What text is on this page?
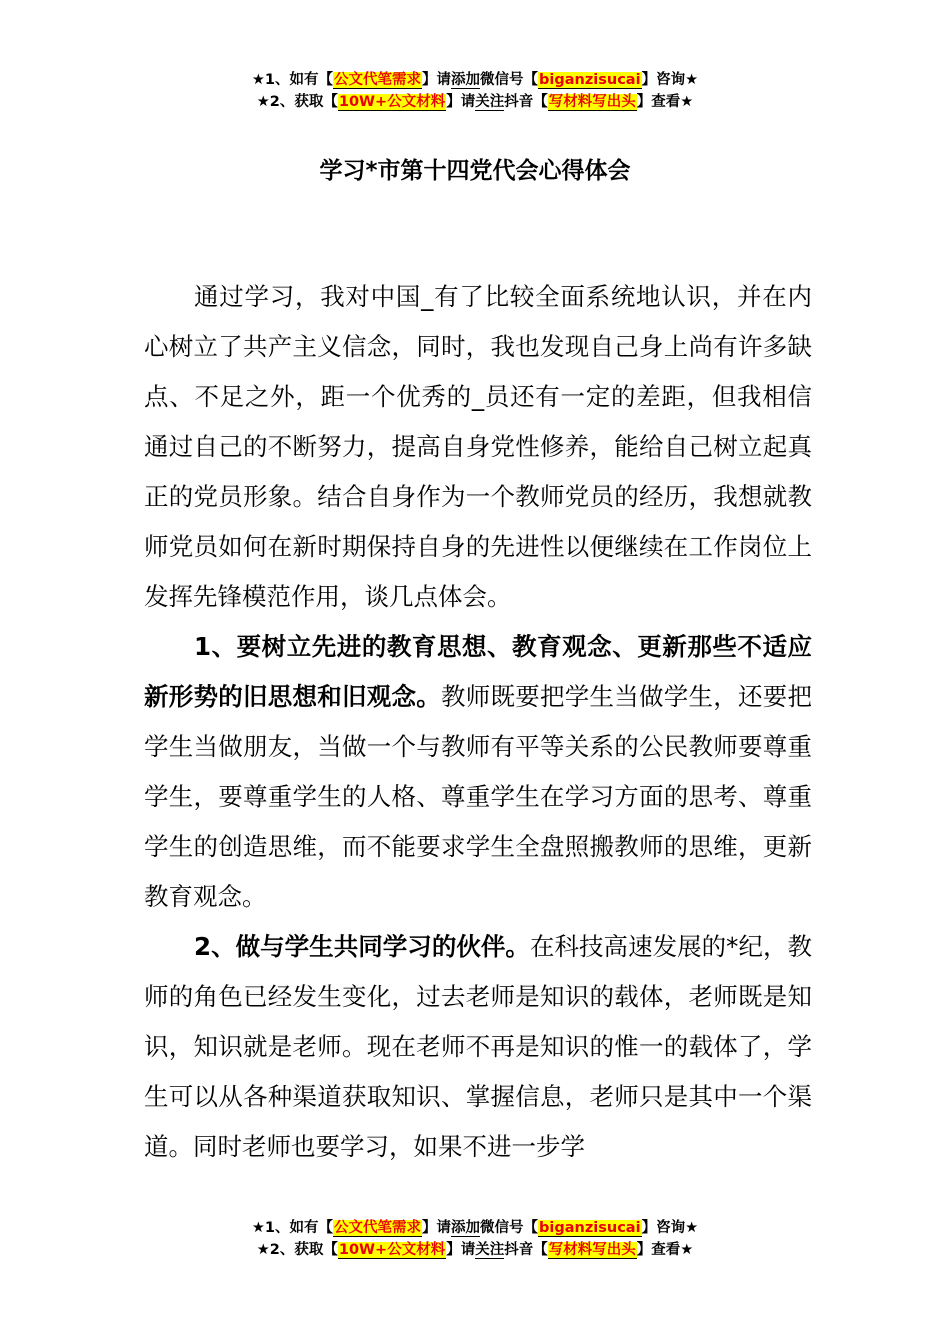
★1、如有【公文代笔需求】请添加微信号【biganzisucai】咨询★
★2、获取【10W+公文材料】请关注抖音【写材料写出头】查看★
学习*市第十四党代会心得体会

通过学习，我对中国_有了比较全面系统地认识，并在内心树立了共产主义信念，同时，我也发现自己身上尚有许多缺点、不足之外，距一个优秀的_员还有一定的差距，但我相信通过自己的不断努力，提高自身党性修养，能给自己树立起真正的党员形象。结合自身作为一个教师党员的经历，我想就教师党员如何在新时期保持自身的先进性以便继续在工作岗位上发挥先锋模范作用，谈几点体会。

1、要树立先进的教育思想、教育观念、更新那些不适应新形势的旧思想和旧观念。教师既要把学生当做学生，还要把学生当做朋友，当做一个与教师有平等关系的公民教师要尊重学生，要尊重学生的人格、尊重学生在学习方面的思考、尊重学生的创造思维，而不能要求学生全盘照搬教师的思维，更新教育观念。

2、做与学生共同学习的伙伴。在科技高速发展的*纪，教师的角色已经发生变化，过去老师是知识的载体，老师既是知识，知识就是老师。现在老师不再是知识的惟一的载体了，学生可以从各种渠道获取知识、掌握信息，老师只是其中一个渠道。同时老师也要学习，如果不进一步学

★1、如有【公文代笔需求】请添加微信号【biganzisucai】咨询★
★2、获取【10W+公文材料】请关注抖音【写材料写出头】查看★
